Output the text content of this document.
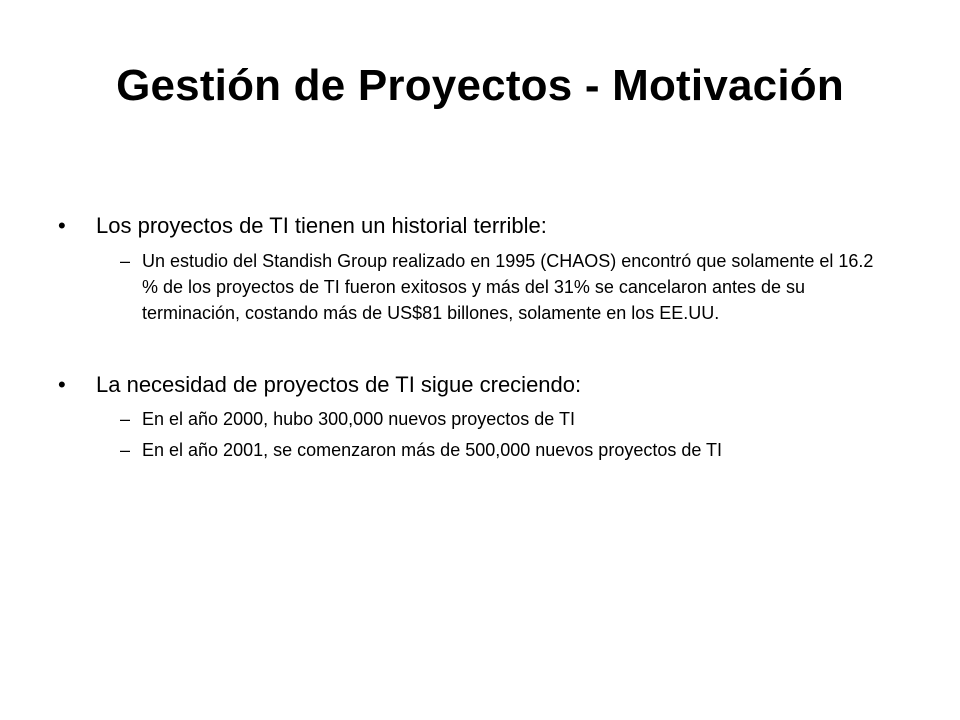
Gestión de Proyectos - Motivación

• Los proyectos de TI tienen un historial terrible:

– Un estudio del Standish Group realizado en 1995 (CHAOS) encontró que solamente el 16.2 % de los proyectos de TI fueron exitosos y más del 31% se cancelaron antes de su terminación, costando más de US$81 billones, solamente en los EE.UU.

• La necesidad de proyectos de TI sigue creciendo:

– En el año 2000, hubo 300,000 nuevos proyectos de TI
– En el año 2001, se comenzaron más de 500,000 nuevos proyectos de TI
